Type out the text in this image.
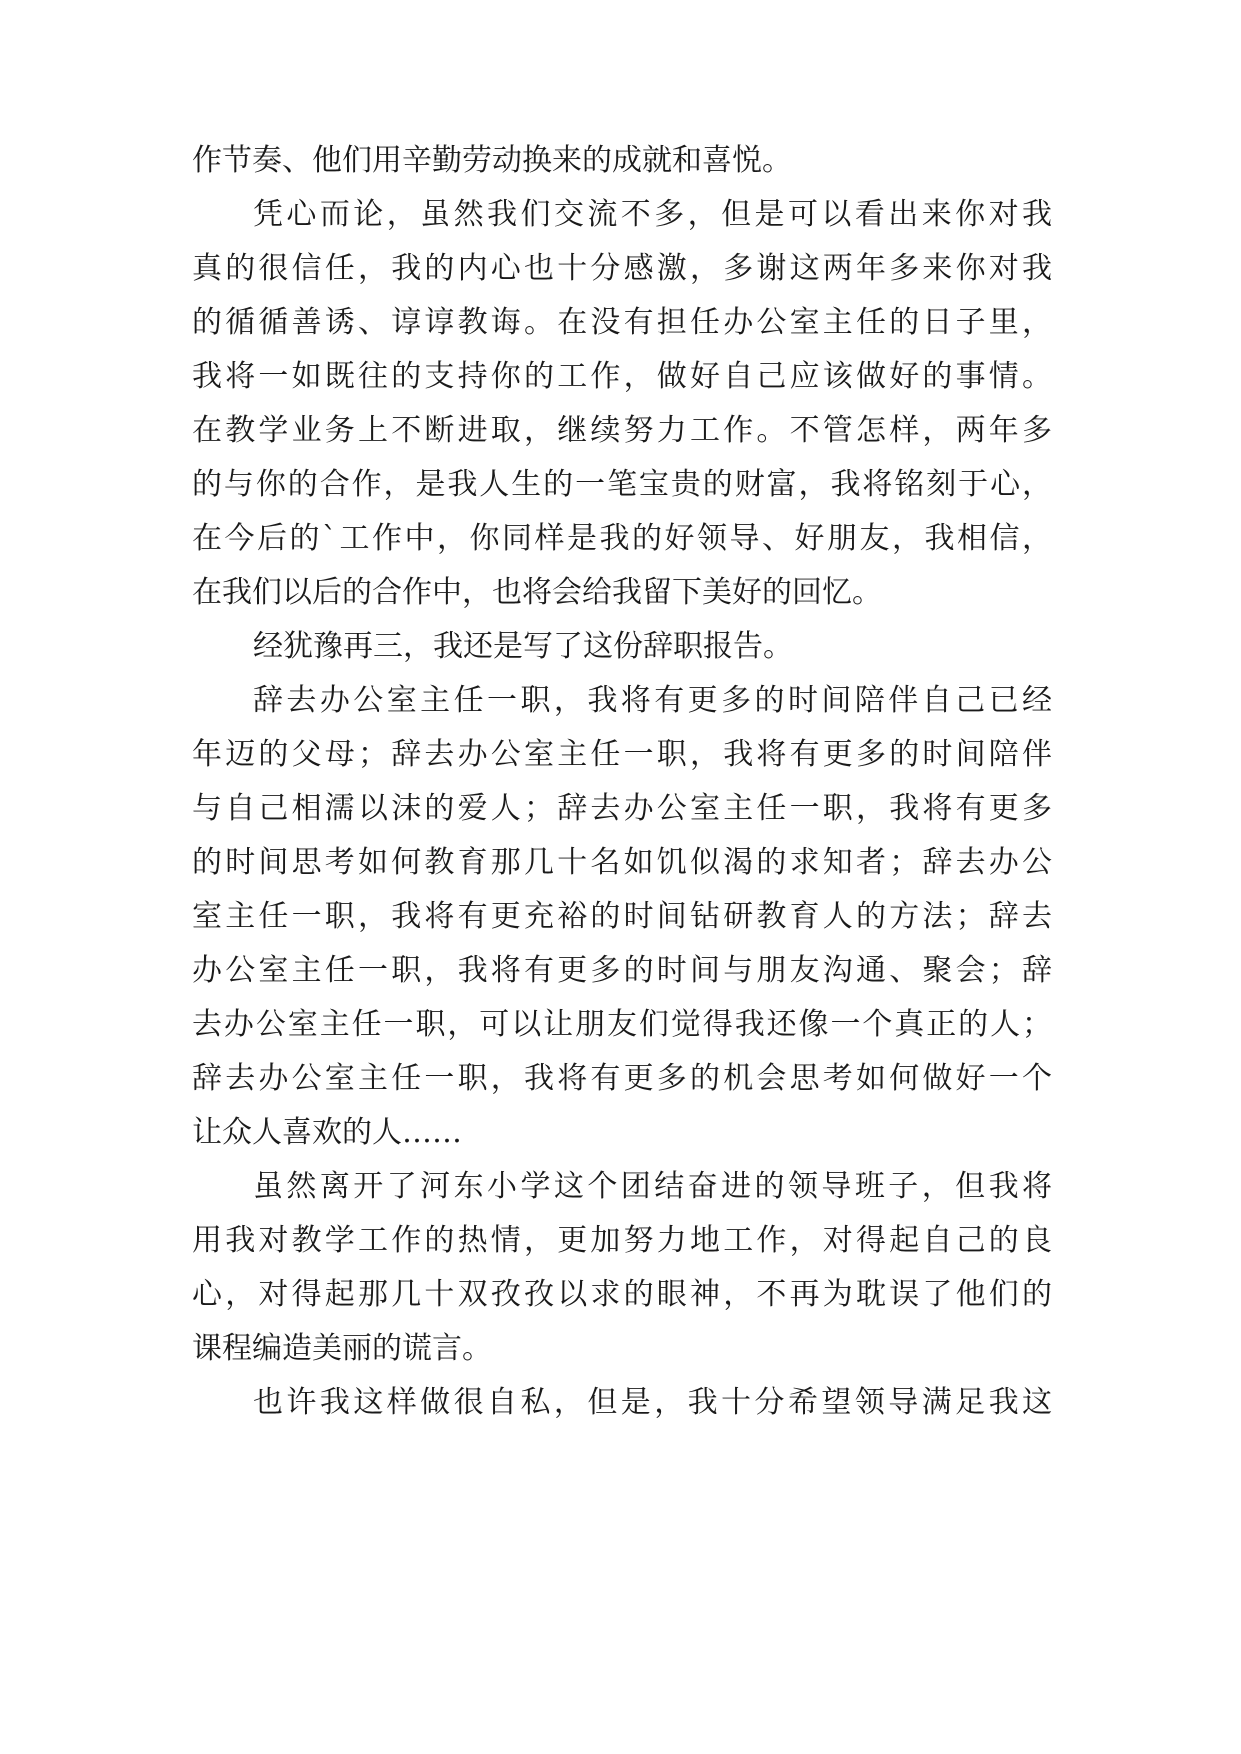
作节奏、他们用辛勤劳动换来的成就和喜悦。

凭心而论，虽然我们交流不多，但是可以看出来你对我

真的很信任，我的内心也十分感激，多谢这两年多来你对我

的循循善诱、谆谆教诲。在没有担任办公室主任的日子里，

我将一如既往的支持你的工作，做好自己应该做好的事情。

在教学业务上不断进取，继续努力工作。不管怎样，两年多

的与你的合作，是我人生的一笔宝贵的财富，我将铭刻于心，

在今后的`工作中，你同样是我的好领导、好朋友，我相信，

在我们以后的合作中，也将会给我留下美好的回忆。

经犹豫再三，我还是写了这份辞职报告。

辞去办公室主任一职，我将有更多的时间陪伴自己已经

年迈的父母；辞去办公室主任一职，我将有更多的时间陪伴

与自己相濡以沫的爱人；辞去办公室主任一职，我将有更多

的时间思考如何教育那几十名如饥似渴的求知者；辞去办公

室主任一职，我将有更充裕的时间钻研教育人的方法；辞去

办公室主任一职，我将有更多的时间与朋友沟通、聚会；辞

去办公室主任一职，可以让朋友们觉得我还像一个真正的人；

辞去办公室主任一职，我将有更多的机会思考如何做好一个

让众人喜欢的人……

虽然离开了河东小学这个团结奋进的领导班子，但我将

用我对教学工作的热情，更加努力地工作，对得起自己的良

心，对得起那几十双孜孜以求的眼神，不再为耽误了他们的

课程编造美丽的谎言。

也许我这样做很自私，但是，我十分希望领导满足我这
